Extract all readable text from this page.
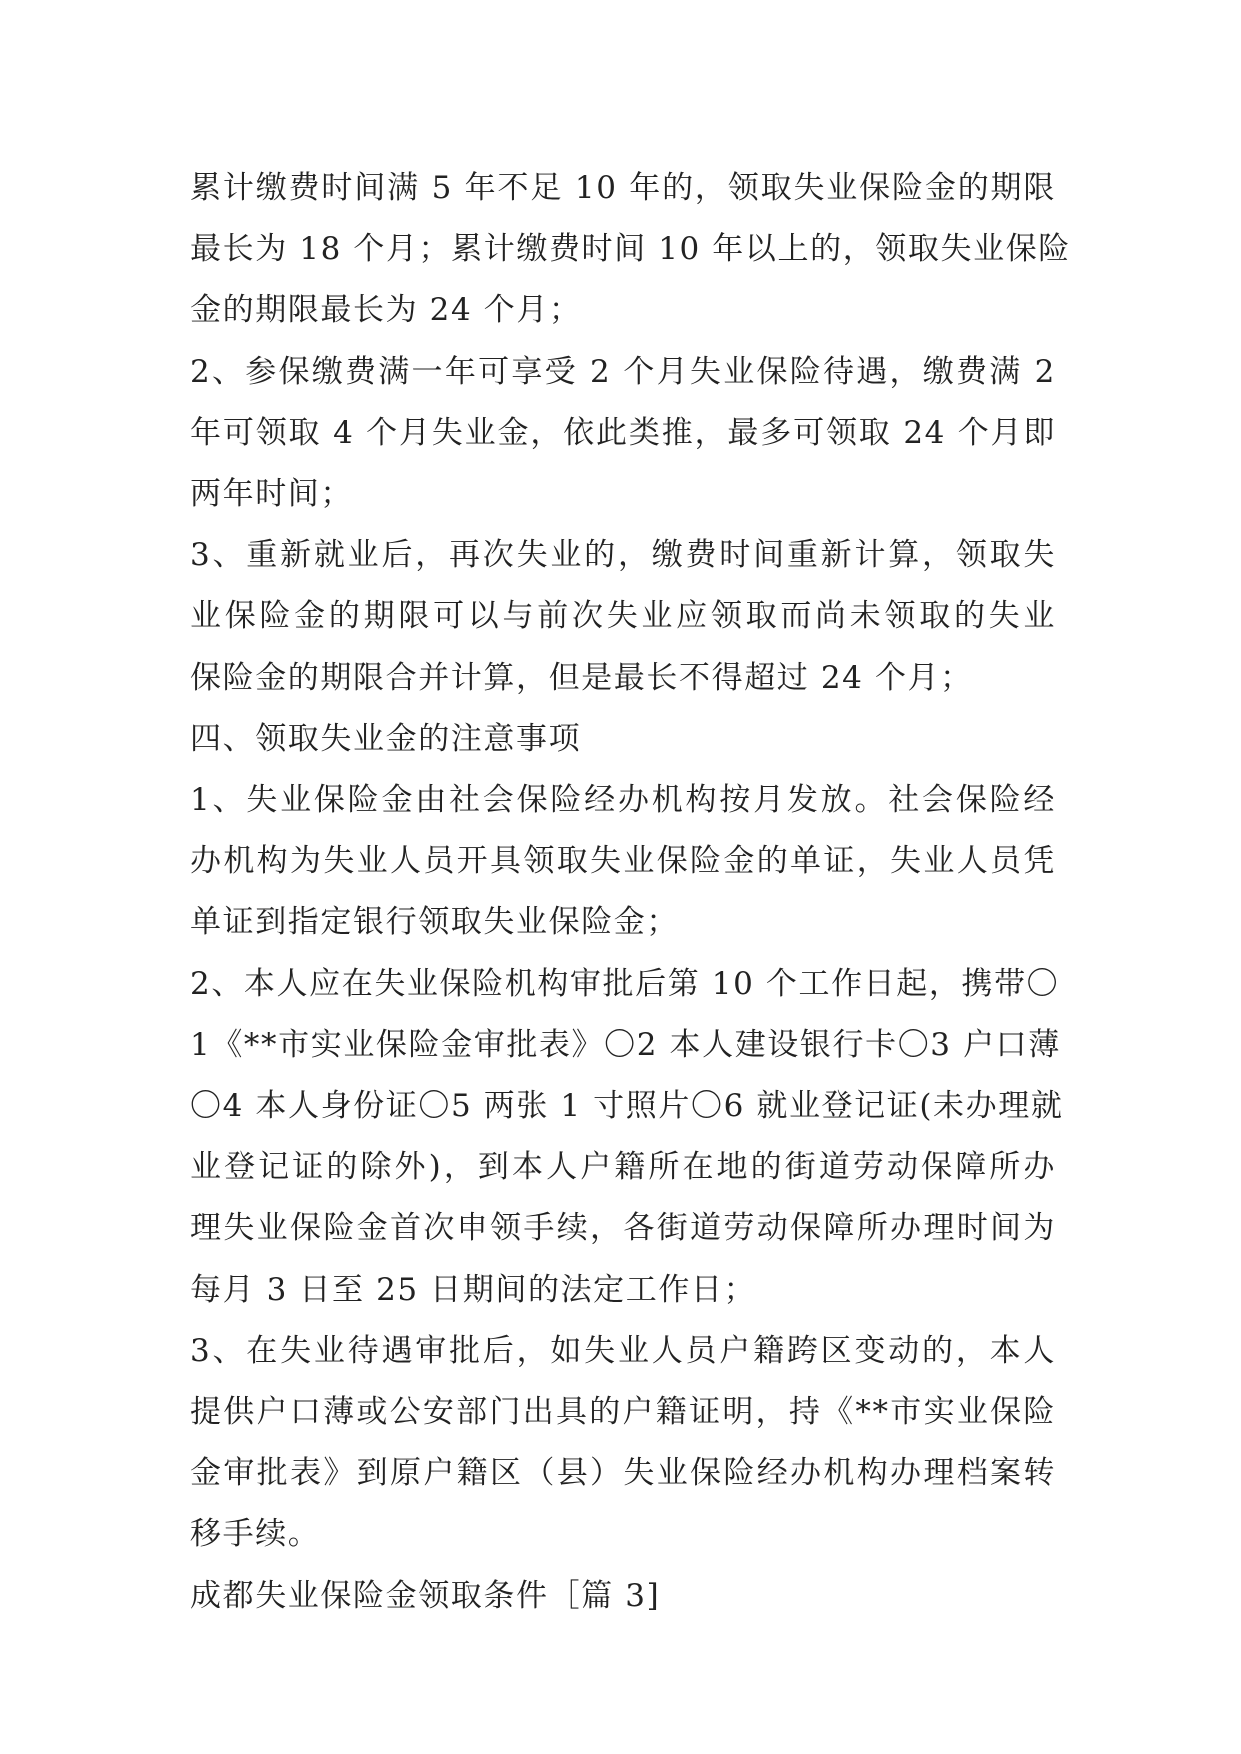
累计缴费时间满 5 年不足 10 年的，领取失业保险金的期限
最长为 18 个月；累计缴费时间 10 年以上的，领取失业保险
金的期限最长为 24 个月；

2、参保缴费满一年可享受 2 个月失业保险待遇，缴费满 2
年可领取 4 个月失业金，依此类推，最多可领取 24 个月即
两年时间；

3、重新就业后，再次失业的，缴费时间重新计算，领取失
业保险金的期限可以与前次失业应领取而尚未领取的失业
保险金的期限合并计算，但是最长不得超过 24 个月；

四、领取失业金的注意事项

1、失业保险金由社会保险经办机构按月发放。社会保险经
办机构为失业人员开具领取失业保险金的单证，失业人员凭
单证到指定银行领取失业保险金；

2、本人应在失业保险机构审批后第 10 个工作日起，携带〇
1《**市实业保险金审批表》〇2 本人建设银行卡〇3 户口薄
〇4 本人身份证〇5 两张 1 寸照片〇6 就业登记证(未办理就
业登记证的除外)，到本人户籍所在地的街道劳动保障所办
理失业保险金首次申领手续，各街道劳动保障所办理时间为
每月 3 日至 25 日期间的法定工作日；

3、在失业待遇审批后，如失业人员户籍跨区变动的，本人
提供户口薄或公安部门出具的户籍证明，持《**市实业保险
金审批表》到原户籍区（县）失业保险经办机构办理档案转
移手续。

成都失业保险金领取条件［篇 3]
